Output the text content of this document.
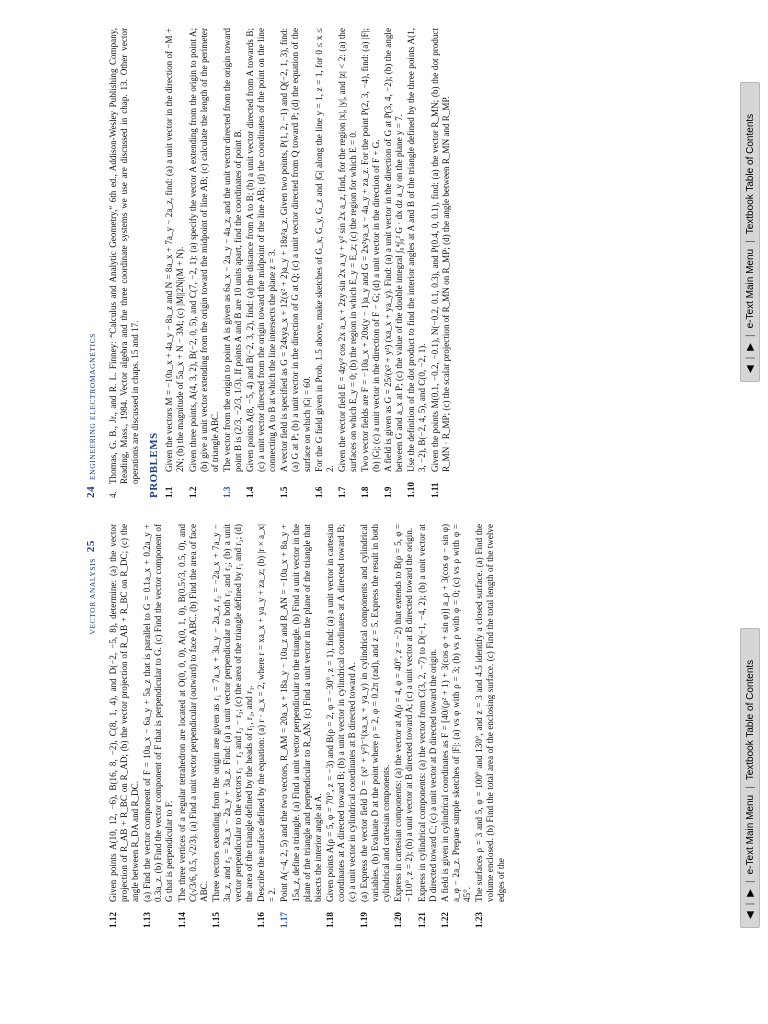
VECTOR ANALYSIS
25
1.12
Given points A(10, 12, −6), B(16, 8, −2), C(8, 1, 4), and D(−2, −5, 8), determine: (a) the vector projection of R_AB + R_BC on R_AD; (b) the vector projection of R_AB + R_BC on R_DC; (c) the angle between R_DA and R_DC.
1.13
(a) Find the vector component of F = 10a_x − 6a_y + 5a_z that is parallel to G = 0.1a_x + 0.2a_y + 0.3a_z. (b) Find the vector component of F that is perpendicular to G. (c) Find the vector component of G that is perpendicular to F.
1.14
The three vertices of a regular tetrahedron are located at O(0, 0, 0), A(0, 1, 0), B(0.5√3, 0.5, 0), and C(√3/6, 0.5, √2/3). (a) Find a unit vector perpendicular (outward) to face ABC. (b) Find the area of face ABC.
1.15
Three vectors extending from the origin are given as r₁ = 7a_x + 3a_y − 2a_z, r₂ = −2a_x + 7a_y − 3a_z, and r₃ = 2a_x − 2a_y + 3a_z. Find: (a) a unit vector perpendicular to both r₁ and r₂; (b) a unit vector perpendicular to the vectors r₁ − r₂ and r₂ − r₃; (c) the area of the triangle defined by r₁ and r₂; (d) the area of the triangle defined by the heads of r₁, r₂, and r₃.
1.16
Describe the surface defined by the equation: (a) r · a_x = 2, where r = xa_x + ya_y + za_z; (b) |r × a_x| = 2.
1.17
Point A(−4, 2, 5) and the two vectors, R_AM = 20a_x + 18a_y − 10a_z and R_AN = −10a_x + 8a_y + 15a_z, define a triangle. (a) Find a unit vector perpendicular to the triangle. (b) Find a unit vector in the plane of the triangle and perpendicular to R_AN. (c) Find a unit vector in the plane of the triangle that bisects the interior angle at A.
1.18
Given points A(ρ = 5, φ = 70°, z = −3) and B(ρ = 2, φ = −30°, z = 1), find: (a) a unit vector in cartesian coordinates at A directed toward B; (b) a unit vector in cylindrical coordinates at A directed toward B; (c) a unit vector in cylindrical coordinates at B directed toward A.
1.19
(a) Express the vector field D = (x² + y²)⁻¹(xa_x + ya_y) in cylindrical components and cylindrical variables. (b) Evaluate D at the point where ρ = 2, φ = 0.2π (rad), and z = 5. Express the result in both cylindrical and cartesian components.
1.20
Express in cartesian components: (a) the vector at A(ρ = 4, φ = 40°, z = −2) that extends to B(ρ = 5, φ = −110°, z = 2); (b) a unit vector at B directed toward A; (c) a unit vector at B directed toward the origin.
1.21
Express in cylindrical components: (a) the vector from C(3, 2, −7) to D(−1, −4, 2); (b) a unit vector at D directed toward C; (c) a unit vector at D directed toward the origin.
1.22
A field is given in cylindrical coordinates as F = [40/(ρ² + 1) + 3(cos φ + sin φ)] a_ρ + 3(cos φ − sin φ) a_φ − 2a_z. Prepare simple sketches of |F|: (a) vs φ with ρ = 3; (b) vs ρ with φ = 0; (c) vs ρ with φ = 45°.
1.23
The surfaces ρ = 3 and 5, φ = 100° and 130°, and z = 3 and 4.5 identify a closed surface. (a) Find the volume enclosed. (b) Find the total area of the enclosing surface. (c) Find the total length of the twelve edges of the
◀
|
▶
|
e-Text Main Menu
|
Textbook Table of Contents
24
ENGINEERING ELECTROMAGNETICS
4.
Thomas, G. B., Jr., and R. L. Finney: “Calculus and Analytic Geometry,” 6th ed., Addison-Wesley Publishing Company, Reading, Mass., 1984. Vector algebra and the three coordinate systems we use are discussed in chap. 13. Other vector operations are discussed in chaps. 15 and 17. PROBLEMS 1.1
Given the vectors M = −10a_x + 4a_y − 8a_z and N = 8a_x + 7a_y − 2a_z, find: (a) a unit vector in the direction of −M + 2N; (b) the magnitude of 5a_x + N − 3M; (c) |M||2N|(M + N).
1.2
Given three points, A(4, 3, 2), B(−2, 0, 5), and C(7, −2, 1): (a) specify the vector A extending from the origin to point A; (b) give a unit vector extending from the origin toward the midpoint of line AB; (c) calculate the length of the perimeter of triangle ABC.
1.3
The vector from the origin to point A is given as 6a_x − 2a_y − 4a_z, and the unit vector directed from the origin toward point B is (2/3, −2/3, 1/3). If points A and B are 10 units apart, find the coordinates of point B.
1.4
Given points A(8, −5, 4) and B(−2, 3, 2), find: (a) the distance from A to B; (b) a unit vector directed from A towards B; (c) a unit vector directed from the origin toward the midpoint of the line AB; (d) the coordinates of the point on the line connecting A to B at which the line intersects the plane z = 3.
1.5
A vector field is specified as G = 24xya_x + 12(x² + 2)a_y + 18z²a_z. Given two points, P(1, 2, −1) and Q(−2, 1, 3), find: (a) G at P; (b) a unit vector in the direction of G at Q; (c) a unit vector directed from Q toward P; (d) the equation of the surface on which |G| = 60.
1.6
For the G field given in Prob. 1.5 above, make sketches of G_x, G_y, G_z and |G| along the line y = 1, z = 1, for 0 ≤ x ≤ 2.
1.7
Given the vector field E = 4zy² cos 2x a_x + 2zy sin 2x a_y + y² sin 2x a_z, find, for the region |x|, |y|, and |z| < 2: (a) the surfaces on which E_y = 0; (b) the region in which E_y = E_z; (c) the region for which E = 0.
1.8
Two vector fields are F = −10a_x + 20x(y − 1)a_y and G = 2x²ya_x − 4a_y + za_z. For the point P(2, 3, −4), find: (a) |F|; (b) |G|; (c) a unit vector in the direction of F − G; (d) a unit vector in the direction of F + G.
1.9
A field is given as G = 25/(x² + y²) (xa_x + ya_y). Find: (a) a unit vector in the direction of G at P(3, 4, −2); (b) the angle between G and a_x at P; (c) the value of the double integral ∫₀⁴∫₀² G · dx dz a_y on the plane y = 7.
1.10
Use the definition of the dot product to find the interior angles at A and B of the triangle defined by the three points A(1, 3, −2), B(−2, 4, 5), and C(0, −2, 1).
1.11
Given the points M(0.1, −0.2, −0.1), N(−0.2, 0.1, 0.3), and P(0.4, 0, 0.1), find: (a) the vector R_MN; (b) the dot product R_MN · R_MP; (c) the scalar projection of R_MN on R_MP; (d) the angle between R_MN and R_MP.	◀
|
▶
|
e-Text Main Menu
|
Textbook Table of Contents
